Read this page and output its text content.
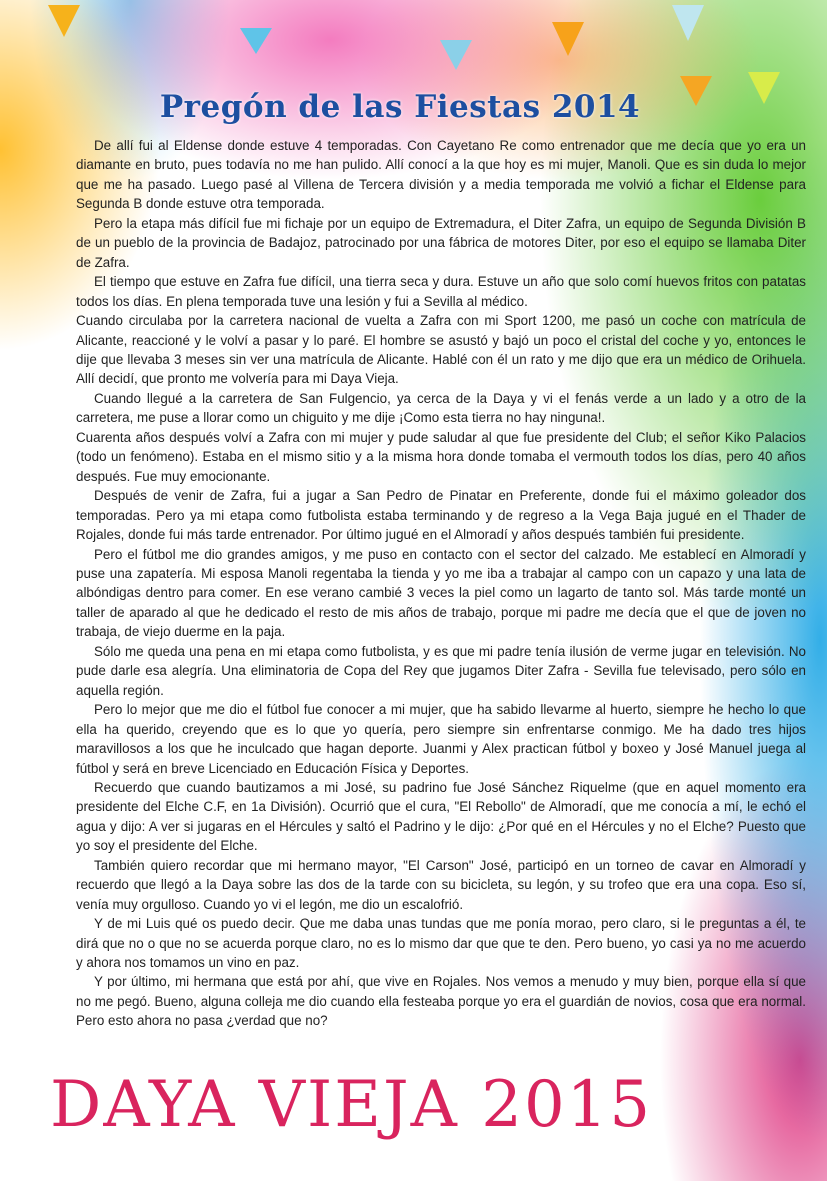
Pregón de las Fiestas 2014

De allí fui al Eldense donde estuve 4 temporadas. Con Cayetano Re como entrenador que me decía que yo era un diamante en bruto, pues todavía no me han pulido. Allí conocí a la que hoy es mi mujer, Manoli. Que es sin duda lo mejor que me ha pasado. Luego pasé al Villena de Tercera división y a media temporada me volvió a fichar el Eldense para Segunda B donde estuve otra temporada.

Pero la etapa más difícil fue mi fichaje por un equipo de Extremadura, el Diter Zafra, un equipo de Segunda División B de un pueblo de la provincia de Badajoz, patrocinado por una fábrica de motores Diter, por eso el equipo se llamaba Diter de Zafra.

El tiempo que estuve en Zafra fue difícil, una tierra seca y dura. Estuve un año que solo comí huevos fritos con patatas todos los días. En plena temporada tuve una lesión y fui a Sevilla al médico.

Cuando circulaba por la carretera nacional de vuelta a Zafra con mi Sport 1200, me pasó un coche con matrícula de Alicante, reaccioné y le volví a pasar y lo paré. El hombre se asustó y bajó un poco el cristal del coche y yo, entonces le dije que llevaba 3 meses sin ver una matrícula de Alicante. Hablé con él un rato y me dijo que era un médico de Orihuela. Allí decidí, que pronto me volvería para mi Daya Vieja.

Cuando llegué a la carretera de San Fulgencio, ya cerca de la Daya y vi el fenás verde a un lado y a otro de la carretera, me puse a llorar como un chiguito y me dije ¡Como esta tierra no hay ninguna!.

Cuarenta años después volví a Zafra con mi mujer y pude saludar al que fue presidente del Club; el señor Kiko Palacios (todo un fenómeno). Estaba en el mismo sitio y a la misma hora donde tomaba el vermouth todos los días, pero 40 años después. Fue muy emocionante.

Después de venir de Zafra, fui a jugar a San Pedro de Pinatar en Preferente, donde fui el máximo goleador dos temporadas. Pero ya mi etapa como futbolista estaba terminando y de regreso a la Vega Baja jugué en el Thader de Rojales, donde fui más tarde entrenador. Por último jugué en el Almoradí y años después también fui presidente.

Pero el fútbol me dio grandes amigos, y me puso en contacto con el sector del calzado. Me establecí en Almoradí y puse una zapatería. Mi esposa Manoli regentaba la tienda y yo me iba a trabajar al campo con un capazo y una lata de albóndigas dentro para comer. En ese verano cambié 3 veces la piel como un lagarto de tanto sol. Más tarde monté un taller de aparado al que he dedicado el resto de mis años de trabajo, porque mi padre me decía que el que de joven no trabaja, de viejo duerme en la paja.

Sólo me queda una pena en mi etapa como futbolista, y es que mi padre tenía ilusión de verme jugar en televisión. No pude darle esa alegría. Una eliminatoria de Copa del Rey que jugamos Diter Zafra - Sevilla fue televisado, pero sólo en aquella región.

Pero lo mejor que me dio el fútbol fue conocer a mi mujer, que ha sabido llevarme al huerto, siempre he hecho lo que ella ha querido, creyendo que es lo que yo quería, pero siempre sin enfrentarse conmigo. Me ha dado tres hijos maravillosos a los que he inculcado que hagan deporte. Juanmi y Alex practican fútbol y boxeo y José Manuel juega al fútbol y será en breve Licenciado en Educación Física y Deportes.

Recuerdo que cuando bautizamos a mi José, su padrino fue José Sánchez Riquelme (que en aquel momento era presidente del Elche C.F, en 1a División). Ocurrió que el cura, "El Rebollo" de Almoradí, que me conocía a mí, le echó el agua y dijo: A ver si jugaras en el Hércules y saltó el Padrino y le dijo: ¿Por qué en el Hércules y no el Elche? Puesto que yo soy el presidente del Elche.

También quiero recordar que mi hermano mayor, "El Carson" José, participó en un torneo de cavar en Almoradí y recuerdo que llegó a la Daya sobre las dos de la tarde con su bicicleta, su legón, y su trofeo que era una copa. Eso sí, venía muy orgulloso. Cuando yo vi el legón, me dio un escalofrió.

Y de mi Luis qué os puedo decir. Que me daba unas tundas que me ponía morao, pero claro, si le preguntas a él, te dirá que no o que no se acuerda porque claro, no es lo mismo dar que que te den. Pero bueno, yo casi ya no me acuerdo y ahora nos tomamos un vino en paz.

Y por último, mi hermana que está por ahí, que vive en Rojales. Nos vemos a menudo y muy bien, porque ella sí que no me pegó. Bueno, alguna colleja me dio cuando ella festeaba porque yo era el guardián de novios, cosa que era normal. Pero esto ahora no pasa ¿verdad que no?

DAYA VIEJA 2015
